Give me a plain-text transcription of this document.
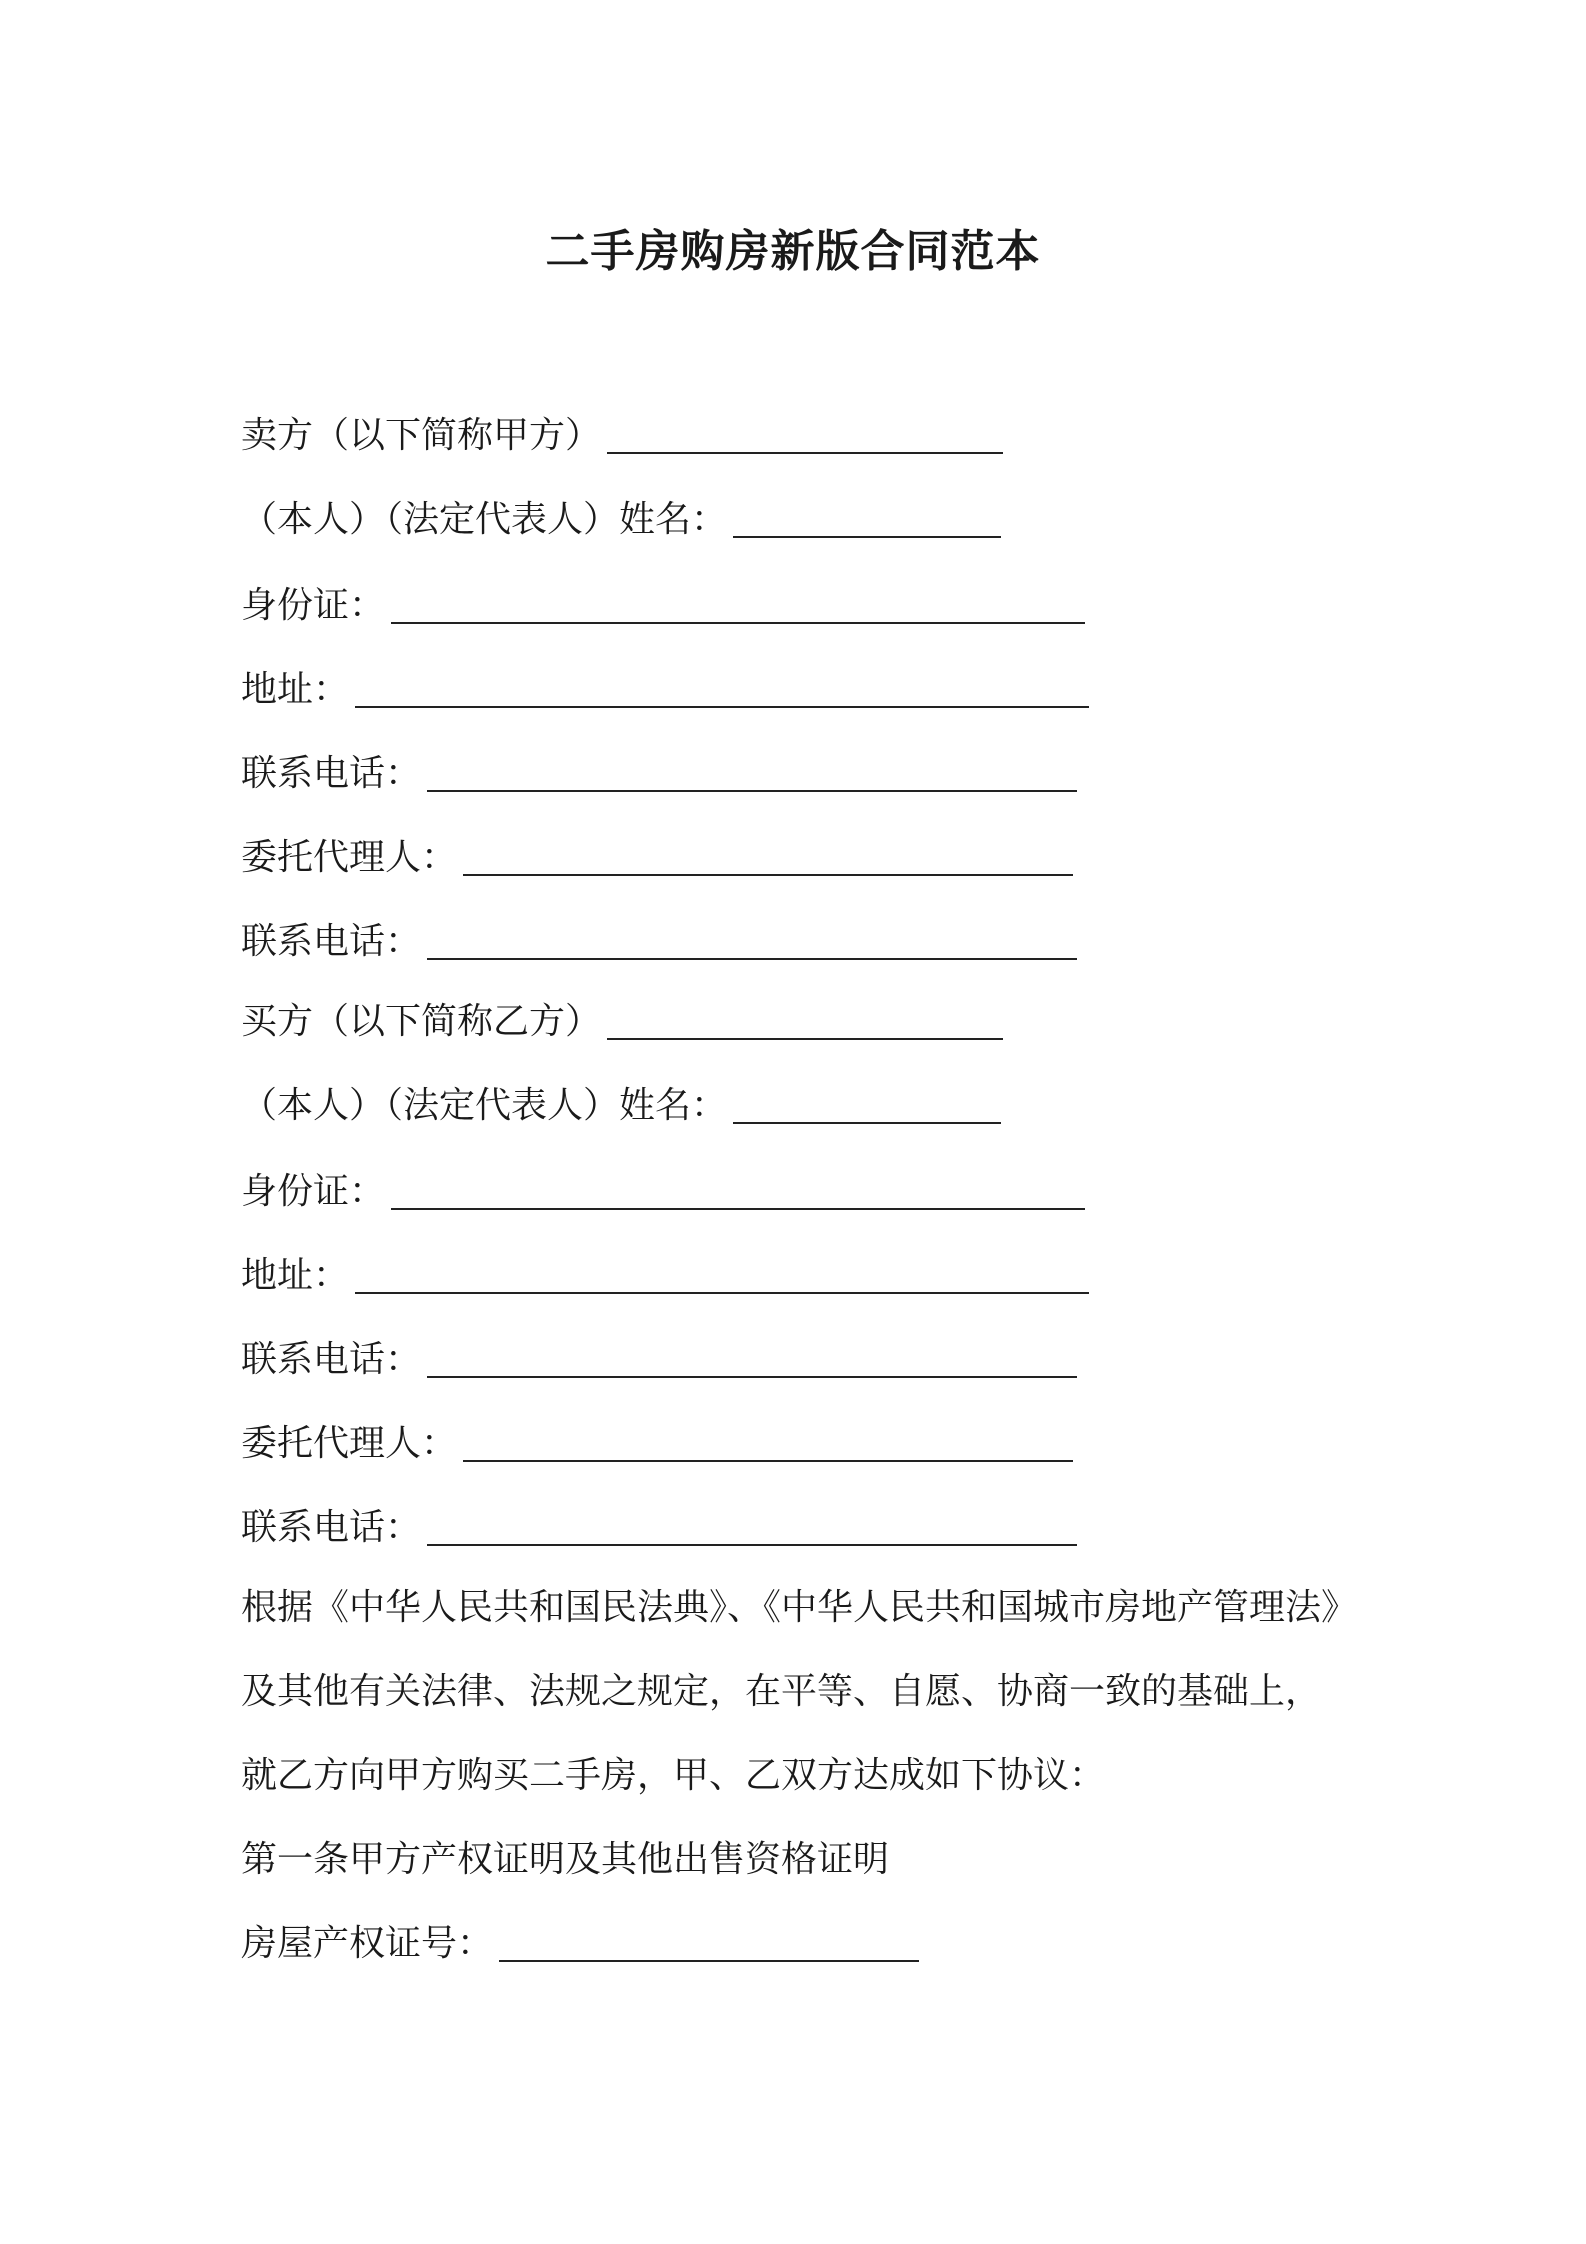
二手房购房新版合同范本
卖方（以下简称甲方）
（本人）（法定代表人）姓名：
身份证：
地址：
联系电话：
委托代理人：
联系电话：
买方（以下简称乙方）
（本人）（法定代表人）姓名：
身份证：
地址：
联系电话：
委托代理人：
联系电话：
根据《中华人民共和国民法典》、《中华人民共和国城市房地产管理法》
及其他有关法律、法规之规定，在平等、自愿、协商一致的基础上，
就乙方向甲方购买二手房，甲、乙双方达成如下协议：
第一条甲方产权证明及其他出售资格证明
房屋产权证号：
